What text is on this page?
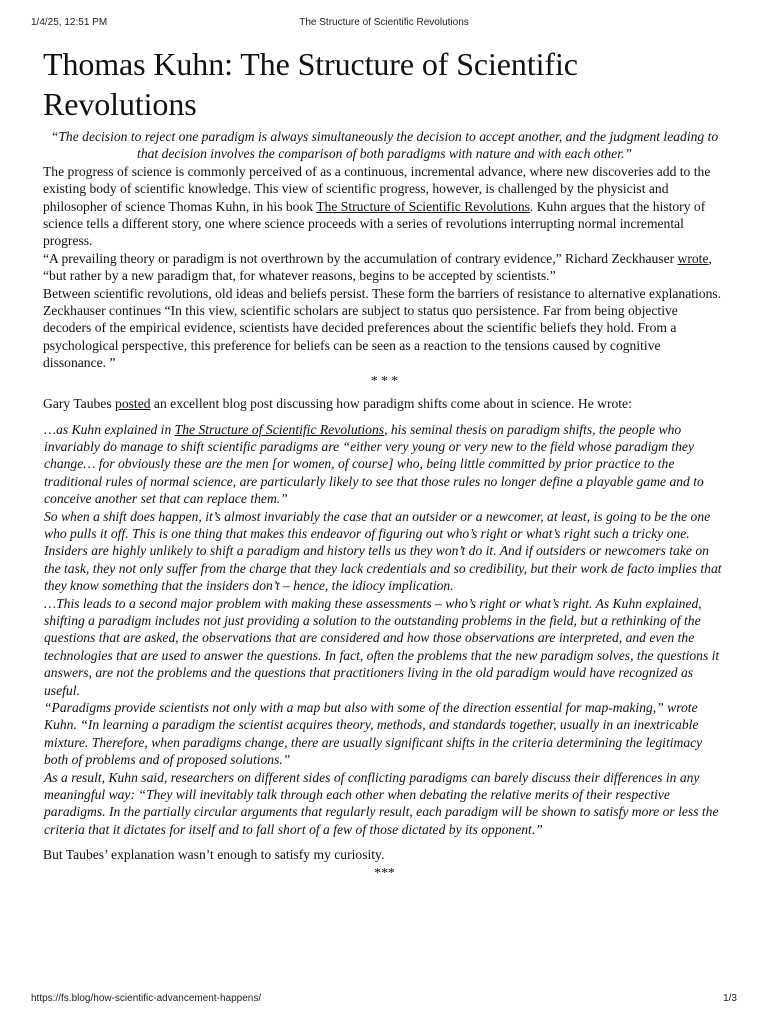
1/4/25, 12:51 PM	The Structure of Scientific Revolutions
Thomas Kuhn: The Structure of Scientific Revolutions

“The decision to reject one paradigm is always simultaneously the decision to accept another, and the judgment leading to that decision involves the comparison of both paradigms with nature and with each other.”

The progress of science is commonly perceived of as a continuous, incremental advance, where new discoveries add to the existing body of scientific knowledge. This view of scientific progress, however, is challenged by the physicist and philosopher of science Thomas Kuhn, in his book The Structure of Scientific Revolutions. Kuhn argues that the history of science tells a different story, one where science proceeds with a series of revolutions interrupting normal incremental progress.

“A prevailing theory or paradigm is not overthrown by the accumulation of contrary evidence,” Richard Zeckhauser wrote, “but rather by a new paradigm that, for whatever reasons, begins to be accepted by scientists.”

Between scientific revolutions, old ideas and beliefs persist. These form the barriers of resistance to alternative explanations.

Zeckhauser continues “In this view, scientific scholars are subject to status quo persistence. Far from being objective decoders of the empirical evidence, scientists have decided preferences about the scientific beliefs they hold. From a psychological perspective, this preference for beliefs can be seen as a reaction to the tensions caused by cognitive dissonance. ”

* * *

Gary Taubes posted an excellent blog post discussing how paradigm shifts come about in science. He wrote:

…as Kuhn explained in The Structure of Scientific Revolutions, his seminal thesis on paradigm shifts, the people who invariably do manage to shift scientific paradigms are “either very young or very new to the field whose paradigm they change… for obviously these are the men [or women, of course] who, being little committed by prior practice to the traditional rules of normal science, are particularly likely to see that those rules no longer define a playable game and to conceive another set that can replace them.”

So when a shift does happen, it’s almost invariably the case that an outsider or a newcomer, at least, is going to be the one who pulls it off. This is one thing that makes this endeavor of figuring out who’s right or what’s right such a tricky one. Insiders are highly unlikely to shift a paradigm and history tells us they won’t do it. And if outsiders or newcomers take on the task, they not only suffer from the charge that they lack credentials and so credibility, but their work de facto implies that they know something that the insiders don’t – hence, the idiocy implication.

…This leads to a second major problem with making these assessments – who’s right or what’s right. As Kuhn explained, shifting a paradigm includes not just providing a solution to the outstanding problems in the field, but a rethinking of the questions that are asked, the observations that are considered and how those observations are interpreted, and even the technologies that are used to answer the questions. In fact, often the problems that the new paradigm solves, the questions it answers, are not the problems and the questions that practitioners living in the old paradigm would have recognized as useful.

“Paradigms provide scientists not only with a map but also with some of the direction essential for map-making,” wrote Kuhn. “In learning a paradigm the scientist acquires theory, methods, and standards together, usually in an inextricable mixture. Therefore, when paradigms change, there are usually significant shifts in the criteria determining the legitimacy both of problems and of proposed solutions.”

As a result, Kuhn said, researchers on different sides of conflicting paradigms can barely discuss their differences in any meaningful way: “They will inevitably talk through each other when debating the relative merits of their respective paradigms. In the partially circular arguments that regularly result, each paradigm will be shown to satisfy more or less the criteria that it dictates for itself and to fall short of a few of those dictated by its opponent.”

But Taubes’ explanation wasn’t enough to satisfy my curiosity.

***

https://fs.blog/how-scientific-advancement-happens/	1/3
